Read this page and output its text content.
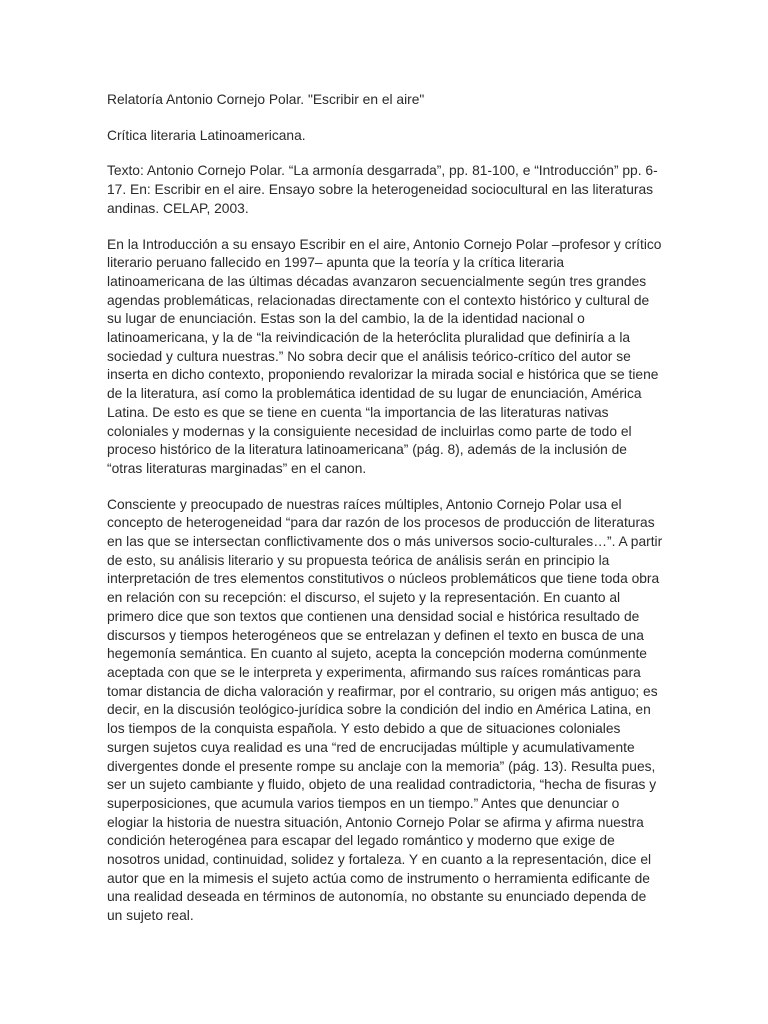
Relatoría Antonio Cornejo Polar. "Escribir en el aire"

Crítica literaria Latinoamericana.

Texto: Antonio Cornejo Polar. “La armonía desgarrada”, pp. 81-100, e “Introducción” pp. 6-17. En: Escribir en el aire. Ensayo sobre la heterogeneidad sociocultural en las literaturas andinas. CELAP, 2003.

En la Introducción a su ensayo Escribir en el aire, Antonio Cornejo Polar –profesor y crítico literario peruano fallecido en 1997– apunta que la teoría y la crítica literaria latinoamericana de las últimas décadas avanzaron secuencialmente según tres grandes agendas problemáticas, relacionadas directamente con el contexto histórico y cultural de su lugar de enunciación. Estas son la del cambio, la de la identidad nacional o latinoamericana, y la de “la reivindicación de la heteróclita pluralidad que definiría a la sociedad y cultura nuestras.” No sobra decir que el análisis teórico-crítico del autor se inserta en dicho contexto, proponiendo revalorizar la mirada social e histórica que se tiene de la literatura, así como la problemática identidad de su lugar de enunciación, América Latina. De esto es que se tiene en cuenta “la importancia de las literaturas nativas coloniales y modernas y la consiguiente necesidad de incluirlas como parte de todo el proceso histórico de la literatura latinoamericana” (pág. 8), además de la inclusión de “otras literaturas marginadas” en el canon.

Consciente y preocupado de nuestras raíces múltiples, Antonio Cornejo Polar usa el concepto de heterogeneidad “para dar razón de los procesos de producción de literaturas en las que se intersectan conflictivamente dos o más universos socio-culturales…”. A partir de esto, su análisis literario y su propuesta teórica de análisis serán en principio la interpretación de tres elementos constitutivos o núcleos problemáticos que tiene toda obra en relación con su recepción: el discurso, el sujeto y la representación. En cuanto al primero dice que son textos que contienen una densidad social e histórica resultado de discursos y tiempos heterogéneos que se entrelazan y definen el texto en busca de una hegemonía semántica. En cuanto al sujeto, acepta la concepción moderna comúnmente aceptada con que se le interpreta y experimenta, afirmando sus raíces románticas para tomar distancia de dicha valoración y reafirmar, por el contrario, su origen más antiguo; es decir, en la discusión teológico-jurídica sobre la condición del indio en América Latina, en los tiempos de la conquista española. Y esto debido a que de situaciones coloniales surgen sujetos cuya realidad es una “red de encrucijadas múltiple y acumulativamente divergentes donde el presente rompe su anclaje con la memoria” (pág. 13). Resulta pues, ser un sujeto cambiante y fluido, objeto de una realidad contradictoria, “hecha de fisuras y superposiciones, que acumula varios tiempos en un tiempo.” Antes que denunciar o elogiar la historia de nuestra situación, Antonio Cornejo Polar se afirma y afirma nuestra condición heterogénea para escapar del legado romántico y moderno que exige de nosotros unidad, continuidad, solidez y fortaleza. Y en cuanto a la representación, dice el autor que en la mimesis el sujeto actúa como de instrumento o herramienta edificante de una realidad deseada en términos de autonomía, no obstante su enunciado dependa de un sujeto real.
